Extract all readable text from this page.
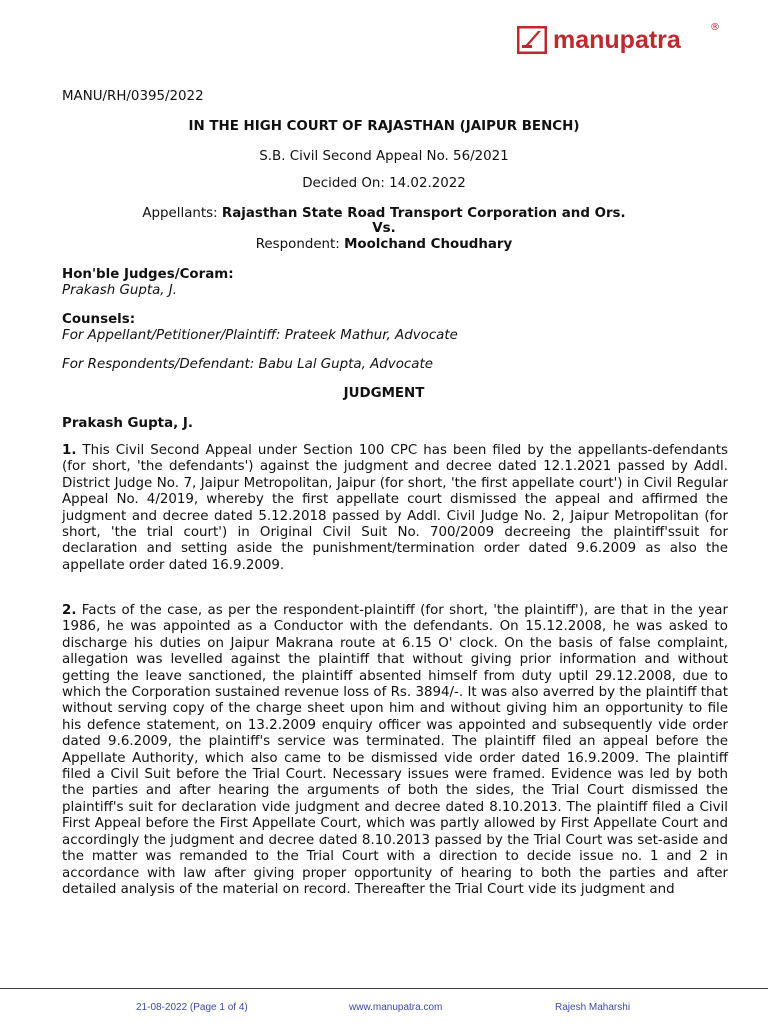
manupatra	®
MANU/RH/0395/2022
IN THE HIGH COURT OF RAJASTHAN (JAIPUR BENCH)
S.B. Civil Second Appeal No. 56/2021
Decided On: 14.02.2022
Appellants: Rajasthan State Road Transport Corporation and Ors.
Vs.
Respondent: Moolchand Choudhary
Hon'ble Judges/Coram:
Prakash Gupta, J.
Counsels:
For Appellant/Petitioner/Plaintiff: Prateek Mathur, Advocate
For Respondents/Defendant: Babu Lal Gupta, Advocate
JUDGMENT
Prakash Gupta, J.

1. This Civil Second Appeal under Section 100 CPC has been filed by the appellants-defendants (for short, 'the defendants') against the judgment and decree dated 12.1.2021 passed by Addl. District Judge No. 7, Jaipur Metropolitan, Jaipur (for short, 'the first appellate court') in Civil Regular Appeal No. 4/2019, whereby the first appellate court dismissed the appeal and affirmed the judgment and decree dated 5.12.2018 passed by Addl. Civil Judge No. 2, Jaipur Metropolitan (for short, 'the trial court') in Original Civil Suit No. 700/2009 decreeing the plaintiff'ssuit for declaration and setting aside the punishment/termination order dated 9.6.2009 as also the appellate order dated 16.9.2009.

2. Facts of the case, as per the respondent-plaintiff (for short, 'the plaintiff'), are that in the year 1986, he was appointed as a Conductor with the defendants. On 15.12.2008, he was asked to discharge his duties on Jaipur Makrana route at 6.15 O' clock. On the basis of false complaint, allegation was levelled against the plaintiff that without giving prior information and without getting the leave sanctioned, the plaintiff absented himself from duty uptil 29.12.2008, due to which the Corporation sustained revenue loss of Rs. 3894/-. It was also averred by the plaintiff that without serving copy of the charge sheet upon him and without giving him an opportunity to file his defence statement, on 13.2.2009 enquiry officer was appointed and subsequently vide order dated 9.6.2009, the plaintiff's service was terminated. The plaintiff filed an appeal before the Appellate Authority, which also came to be dismissed vide order dated 16.9.2009. The plaintiff filed a Civil Suit before the Trial Court. Necessary issues were framed. Evidence was led by both the parties and after hearing the arguments of both the sides, the Trial Court dismissed the plaintiff's suit for declaration vide judgment and decree dated 8.10.2013. The plaintiff filed a Civil First Appeal before the First Appellate Court, which was partly allowed by First Appellate Court and accordingly the judgment and decree dated 8.10.2013 passed by the Trial Court was set-aside and the matter was remanded to the Trial Court with a direction to decide issue no. 1 and 2 in accordance with law after giving proper opportunity of hearing to both the parties and after detailed analysis of the material on record. Thereafter the Trial Court vide its judgment and

21-08-2022 (Page 1 of 4)	www.manupatra.com	Rajesh Maharshi
